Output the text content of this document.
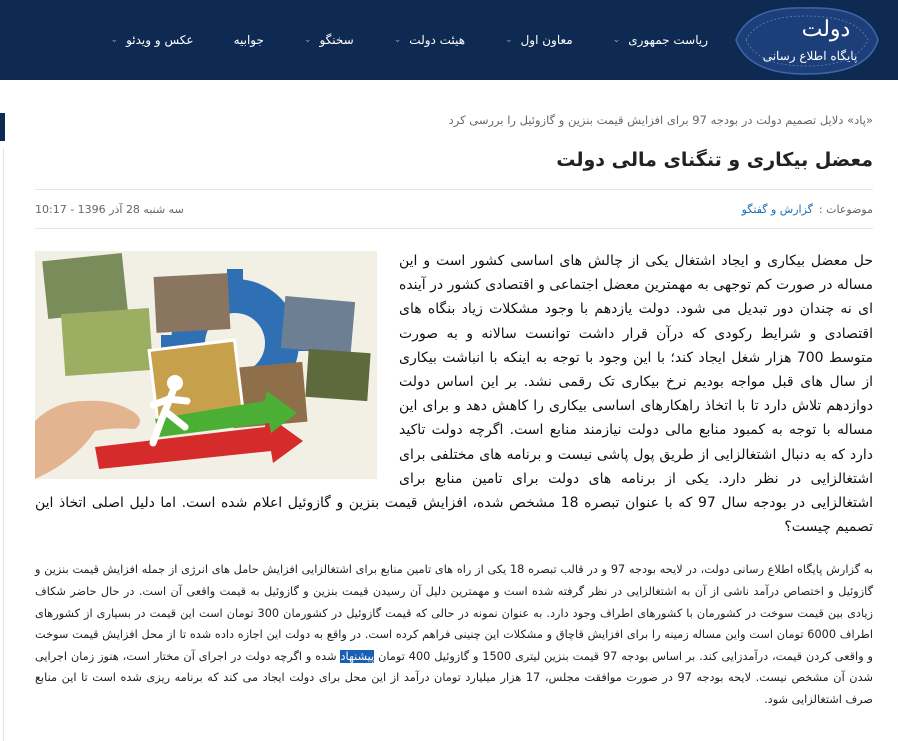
دولت
پایگاه اطلاع رسانی
ریاست جمهوری
⌄
معاون اول
⌄
هیئت دولت
⌄
سخنگو
⌄
جوابیه
عکس و ویدئو
⌄
«پاد» دلایل تصمیم دولت در بودجه 97 برای افزایش قیمت بنزین و گازوئیل را بررسی کرد
معضل بیکاری و تنگنای مالی دولت
موضوعات :گزارش و گفتگو
سه شنبه 28 آذر 1396 - 10:17
حل معضل بیکاری و ایجاد اشتغال یکی از چالش های اساسی کشور است و این مساله در صورت کم توجهی به مهمترین معضل اجتماعی و اقتصادی کشور در آینده ای نه چندان دور تبدیل می شود. دولت یازدهم با وجود مشکلات زیاد بنگاه های اقتصادی و شرایط رکودی که درآن قرار داشت توانست سالانه و به صورت متوسط 700 هزار شغل ایجاد کند؛ با این وجود با توجه به اینکه با انباشت بیکاری از سال های قبل مواجه بودیم نرخ بیکاری تک رقمی نشد. بر این اساس دولت دوازدهم تلاش دارد تا با اتخاذ راهکارهای اساسی بیکاری را کاهش دهد و برای این مساله با توجه به کمبود منابع مالی دولت نیازمند منابع است. اگرچه دولت تاکید دارد که به دنبال اشتغالزایی از طریق پول پاشی نیست و برنامه های مختلفی برای اشتغالزایی در نظر دارد. یکی از برنامه های دولت برای تامین منابع برای اشتغالزایی در بودجه سال 97 که با عنوان تبصره 18 مشخص شده، افزایش قیمت بنزین و گازوئیل اعلام شده است. اما دلیل اصلی اتخاذ این تصمیم چیست؟
به گزارش پایگاه اطلاع رسانی دولت، در لایحه بودجه 97 و در قالب تبصره 18 یکی از راه های تامین منابع برای اشتغالزایی افزایش حامل های انرژی از جمله افزایش قیمت بنزین و گازوئیل و اختصاص درآمد ناشی از آن به اشتغالزایی در نظر گرفته شده است و مهمترین دلیل آن رسیدن قیمت بنزین و گازوئیل به قیمت واقعی آن است. در حال حاضر شکاف زیادی بین قیمت سوخت در کشورمان با کشورهای اطراف وجود دارد. به عنوان نمونه در حالی که قیمت گازوئیل در کشورمان 300 تومان است این قیمت در بسیاری از کشورهای اطراف 6000 تومان است واین مساله زمینه را برای افزایش قاچاق و مشکلات این چنینی فراهم کرده است. در واقع به دولت این اجازه داده شده تا از محل افزایش قیمت سوخت و واقعی کردن قیمت، درآمدزایی کند. بر اساس بودجه 97 قیمت بنزین لیتری 1500 و گازوئیل 400 تومان پیشنهاد شده و اگرچه دولت در اجرای آن مختار است، هنوز زمان اجرایی شدن آن مشخص نیست. لایحه بودجه 97 در صورت موافقت مجلس، 17 هزار میلیارد تومان درآمد از این محل برای دولت ایجاد می کند که برنامه ریزی شده است تا این منابع صرف اشتغالزایی شود.
